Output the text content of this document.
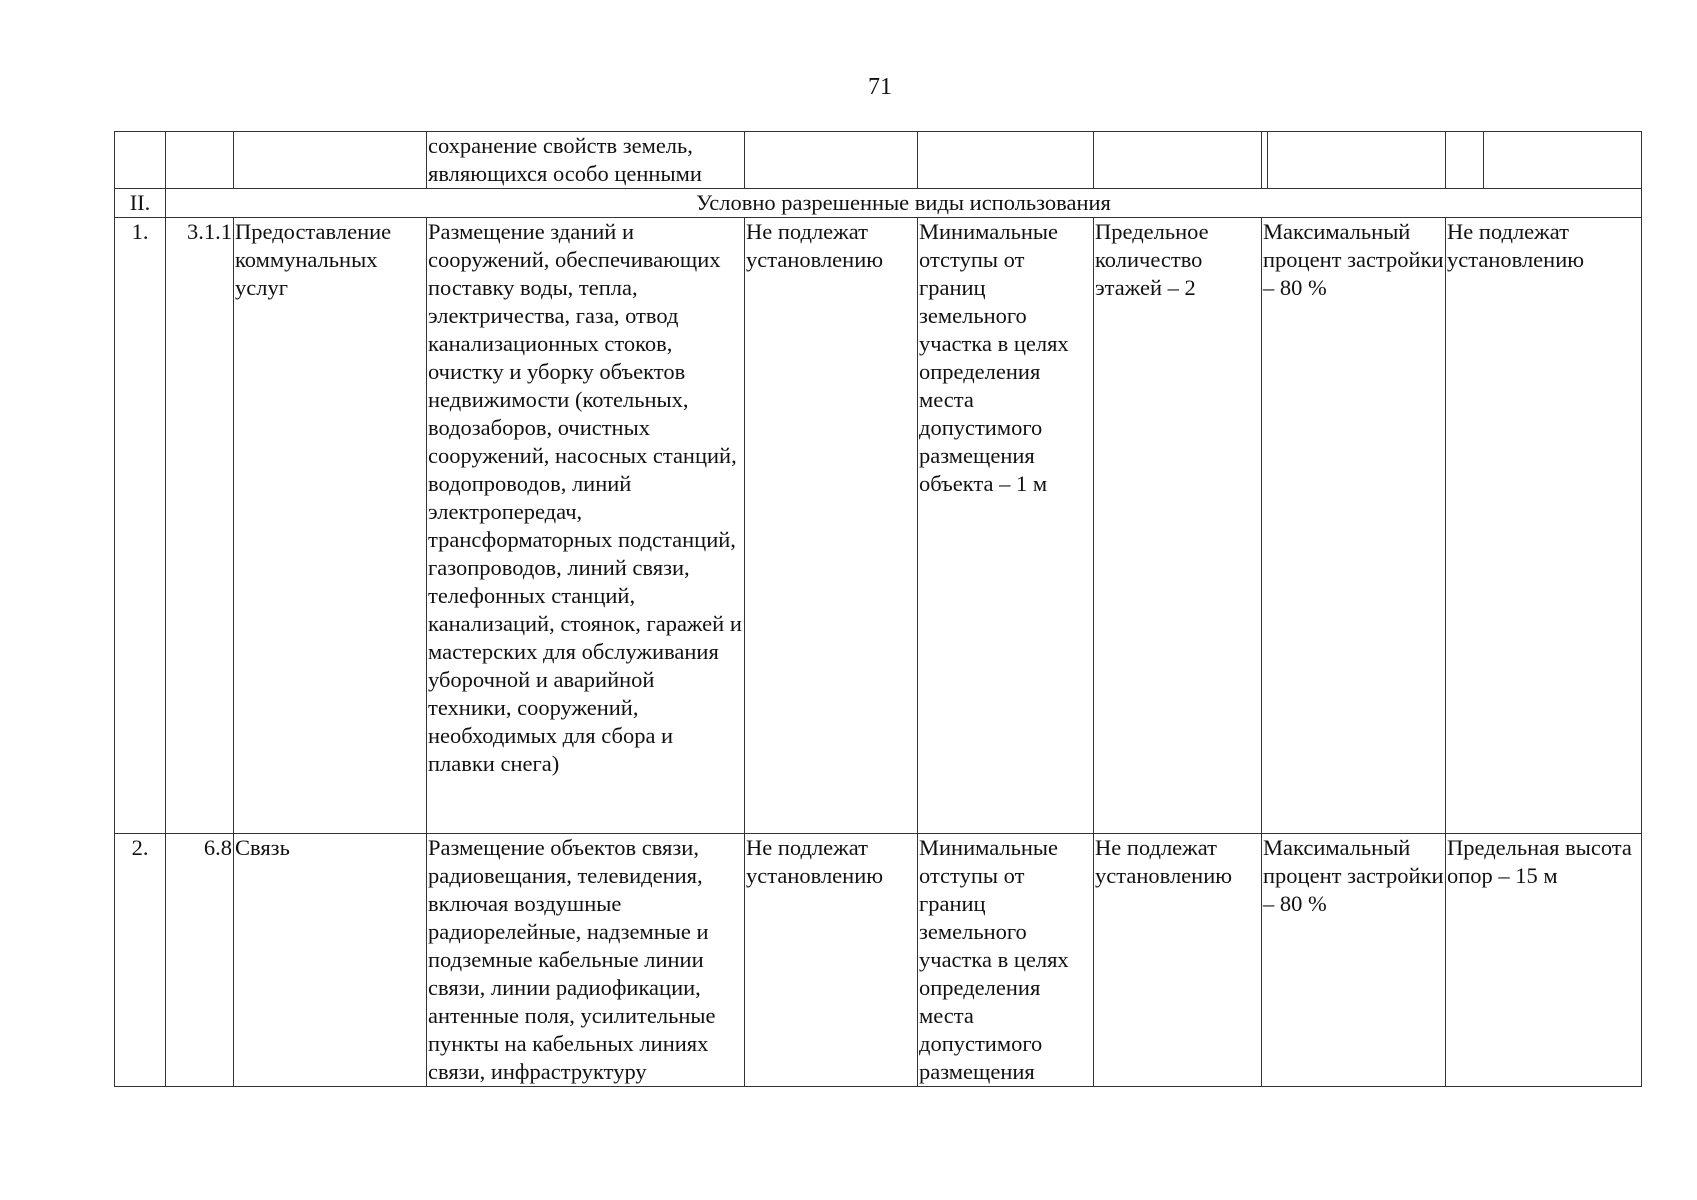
71
			сохранение свойств земель, являющихся особо ценными				

II.	Условно разрешенные виды использования							
1.	3.1.1	Предоставление коммунальных услуг	Размещение зданий и сооружений, обеспечивающих поставку воды, тепла, электричества, газа, отвод канализационных стоков, очистку и уборку объектов недвижимости (котельных, водозаборов, очистных сооружений, насосных станций, водопроводов, линий электропередач, трансформаторных подстанций, газопроводов, линий связи, телефонных станций, канализаций, стоянок, гаражей и мастерских для обслуживания уборочной и аварийной техники, сооружений, необходимых для сбора и плавки снега)	Не подлежат установлению	Минимальные отступы от границ земельного участка в целях определения места допустимого размещения объекта – 1 м	Предельное количество этажей – 2	Максимальный процент застройки – 80 %	Не подлежат установлению
2.	6.8	Связь	Размещение объектов связи, радиовещания, телевидения, включая воздушные радиорелейные, надземные и подземные кабельные линии связи, линии радиофикации, антенные поля, усилительные пункты на кабельных линиях связи, инфраструктуру	Не подлежат установлению	Минимальные отступы от границ земельного участка в целях определения места допустимого размещения	Не подлежат установлению	Максимальный процент застройки – 80 %	Предельная высота опор – 15 м
